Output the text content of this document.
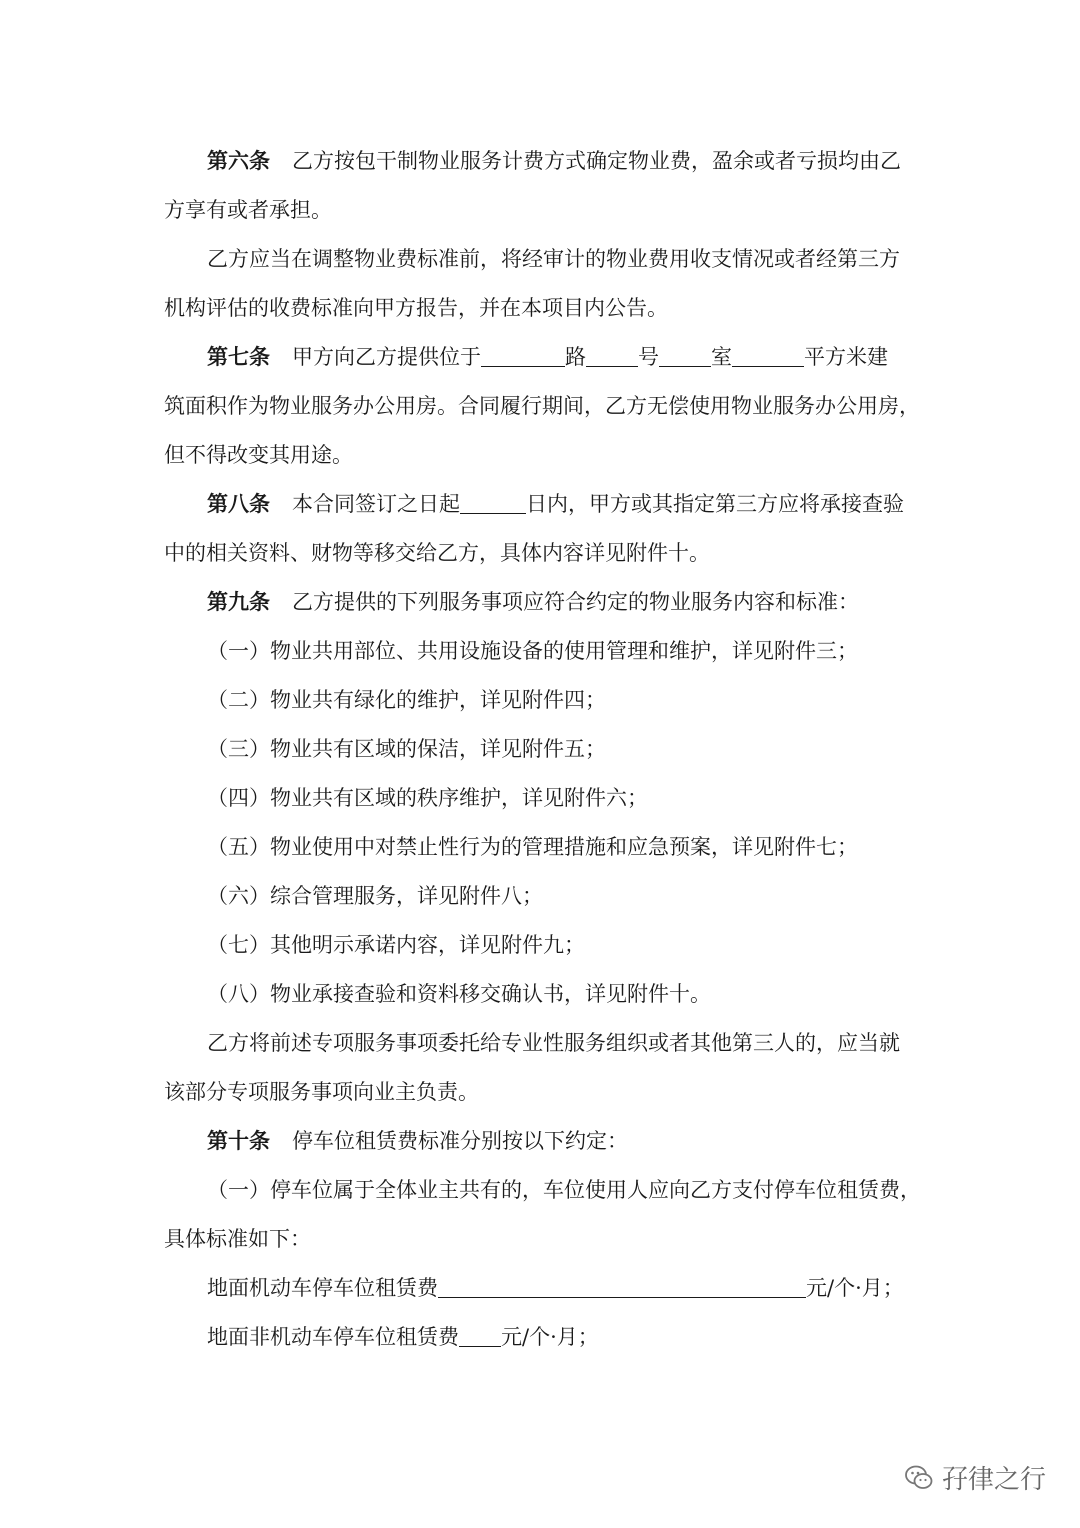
第六条 乙方按包干制物业服务计费方式确定物业费，盈余或者亏损均由乙
方享有或者承担。
乙方应当在调整物业费标准前，将经审计的物业费用收支情况或者经第三方
机构评估的收费标准向甲方报告，并在本项目内公告。
第七条 甲方向乙方提供位于	路 号 室	平方米建
筑面积作为物业服务办公用房。合同履行期间，乙方无偿使用物业服务办公用房，
但不得改变其用途。
第八条 本合同签订之日起	日内，甲方或其指定第三方应将承接查验
中的相关资料、财物等移交给乙方，具体内容详见附件十。
第九条 乙方提供的下列服务事项应符合约定的物业服务内容和标准：
（一）物业共用部位、共用设施设备的使用管理和维护，详见附件三；
（二）物业共有绿化的维护，详见附件四；
（三）物业共有区域的保洁，详见附件五；
（四）物业共有区域的秩序维护，详见附件六；
（五）物业使用中对禁止性行为的管理措施和应急预案，详见附件七；
（六）综合管理服务，详见附件八；
（七）其他明示承诺内容，详见附件九；
（八）物业承接查验和资料移交确认书，详见附件十。
乙方将前述专项服务事项委托给专业性服务组织或者其他第三人的，应当就
该部分专项服务事项向业主负责。
第十条 停车位租赁费标准分别按以下约定：
（一）停车位属于全体业主共有的，车位使用人应向乙方支付停车位租赁费，
具体标准如下：
地面机动车停车位租赁费	元/个·月；
地面非机动车停车位租赁费 元/个·月；
孖律之行
